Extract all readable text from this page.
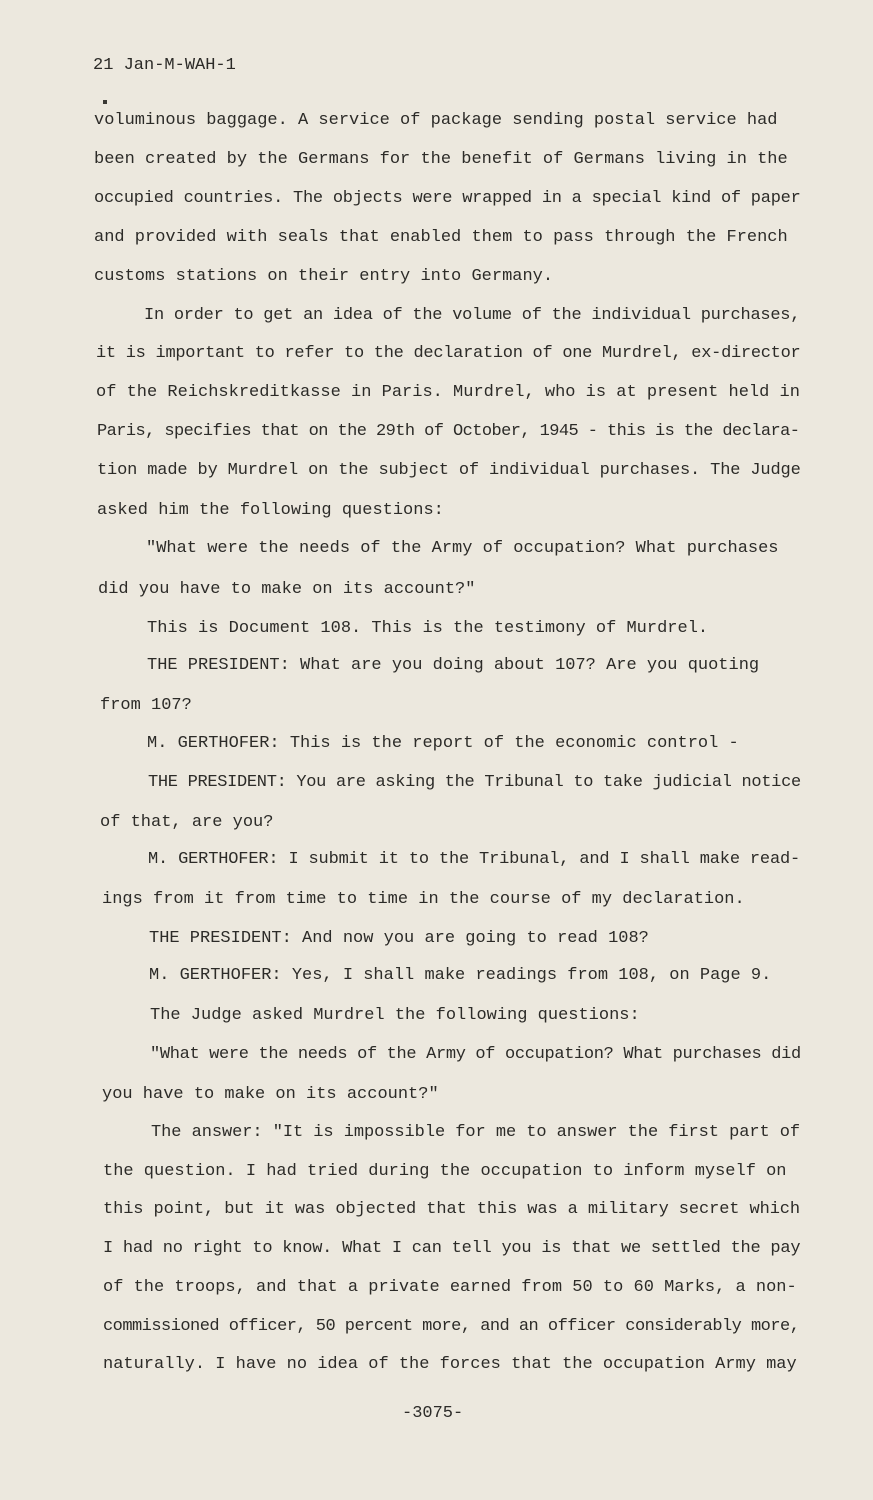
21 Jan-M-WAH-1
voluminous baggage. A service of package sending postal service had
been created by the Germans for the benefit of Germans living in the
occupied countries. The objects were wrapped in a special kind of paper
and provided with seals that enabled them to pass through the French
customs stations on their entry into Germany.
In order to get an idea of the volume of the individual purchases,
it is important to refer to the declaration of one Murdrel, ex-director
of the Reichskreditkasse in Paris. Murdrel, who is at present held in
Paris, specifies that on the 29th of October, 1945 - this is the declara-
tion made by Murdrel on the subject of individual purchases. The Judge
asked him the following questions:
"What were the needs of the Army of occupation? What purchases
did you have to make on its account?"
This is Document 108. This is the testimony of Murdrel.
THE PRESIDENT: What are you doing about 107? Are you quoting
from 107?
M. GERTHOFER: This is the report of the economic control -
THE PRESIDENT: You are asking the Tribunal to take judicial notice
of that, are you?
M. GERTHOFER: I submit it to the Tribunal, and I shall make read-
ings from it from time to time in the course of my declaration.
THE PRESIDENT: And now you are going to read 108?
M. GERTHOFER: Yes, I shall make readings from 108, on Page 9.
The Judge asked Murdrel the following questions:
"What were the needs of the Army of occupation? What purchases did
you have to make on its account?"
The answer: "It is impossible for me to answer the first part of
the question. I had tried during the occupation to inform myself on
this point, but it was objected that this was a military secret which
I had no right to know. What I can tell you is that we settled the pay
of the troops, and that a private earned from 50 to 60 Marks, a non-
commissioned officer, 50 percent more, and an officer considerably more,
naturally. I have no idea of the forces that the occupation Army may
-3075-
